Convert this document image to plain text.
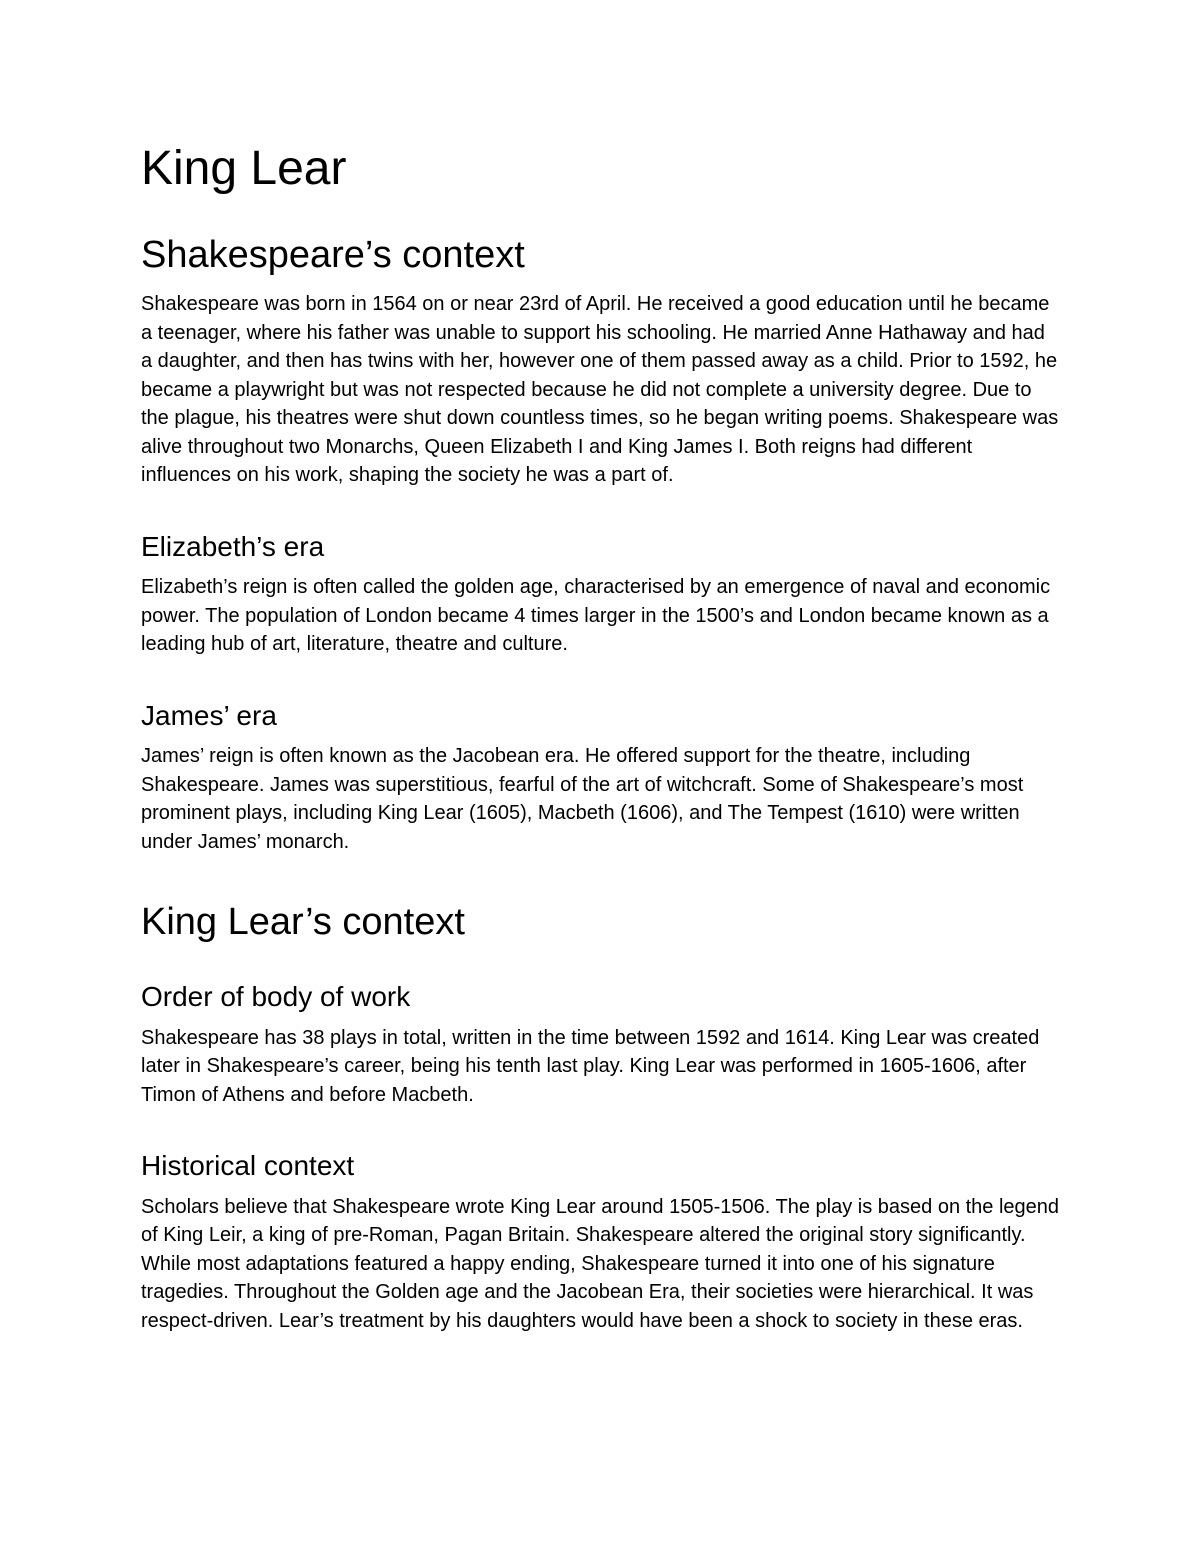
King Lear
Shakespeare’s context

Shakespeare was born in 1564 on or near 23rd of April. He received a good education until he became a teenager, where his father was unable to support his schooling. He married Anne Hathaway and had a daughter, and then has twins with her, however one of them passed away as a child. Prior to 1592, he became a playwright but was not respected because he did not complete a university degree. Due to the plague, his theatres were shut down countless times, so he began writing poems. Shakespeare was alive throughout two Monarchs, Queen Elizabeth I and King James I. Both reigns had different influences on his work, shaping the society he was a part of.

Elizabeth’s era

Elizabeth’s reign is often called the golden age, characterised by an emergence of naval and economic power. The population of London became 4 times larger in the 1500’s and London became known as a leading hub of art, literature, theatre and culture.

James’ era

James’ reign is often known as the Jacobean era. He offered support for the theatre, including Shakespeare. James was superstitious, fearful of the art of witchcraft. Some of Shakespeare’s most prominent plays, including King Lear (1605), Macbeth (1606), and The Tempest (1610) were written under James’ monarch.

King Lear’s context
Order of body of work

Shakespeare has 38 plays in total, written in the time between 1592 and 1614. King Lear was created later in Shakespeare’s career, being his tenth last play. King Lear was performed in 1605-1606, after Timon of Athens and before Macbeth.

Historical context

Scholars believe that Shakespeare wrote King Lear around 1505-1506. The play is based on the legend of King Leir, a king of pre-Roman, Pagan Britain. Shakespeare altered the original story significantly. While most adaptations featured a happy ending, Shakespeare turned it into one of his signature tragedies. Throughout the Golden age and the Jacobean Era, their societies were hierarchical. It was respect-driven. Lear’s treatment by his daughters would have been a shock to society in these eras.
